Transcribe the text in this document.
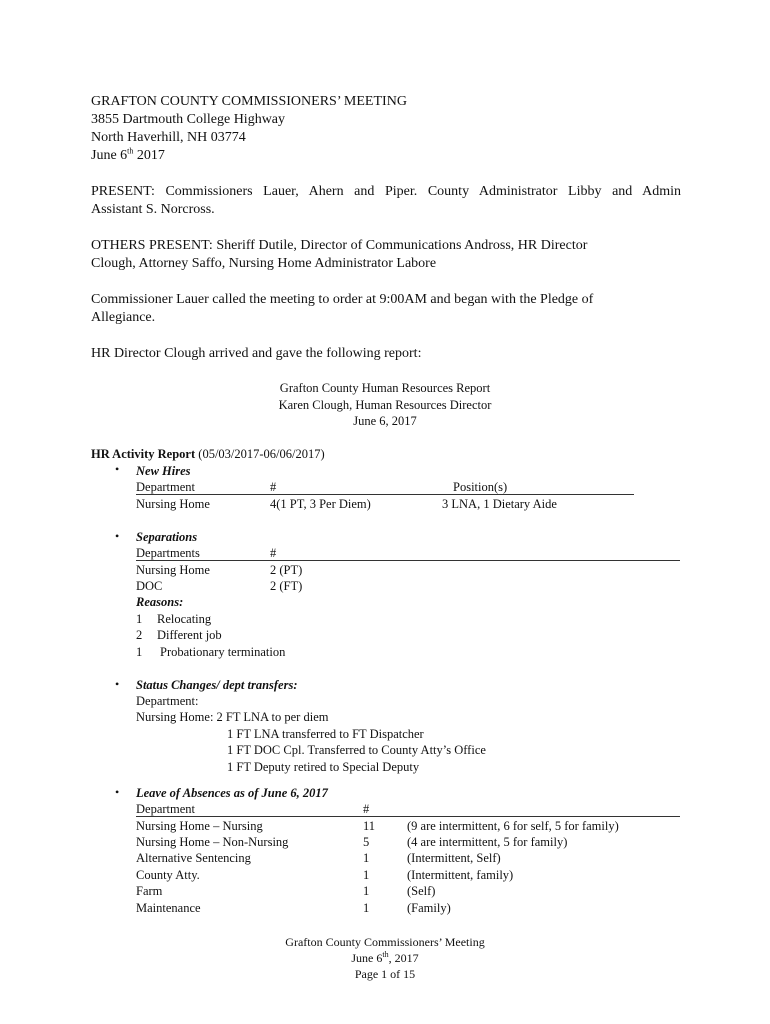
GRAFTON COUNTY COMMISSIONERS’ MEETING
3855 Dartmouth College Highway
North Haverhill, NH 03774
June 6th 2017
PRESENT: Commissioners Lauer, Ahern and Piper. County Administrator Libby and Admin
Assistant S. Norcross.
OTHERS PRESENT: Sheriff Dutile, Director of Communications Andross, HR Director
Clough, Attorney Saffo, Nursing Home Administrator Labore
Commissioner Lauer called the meeting to order at 9:00AM and began with the Pledge of
Allegiance.
HR Director Clough arrived and gave the following report:
Grafton County Human Resources Report
Karen Clough, Human Resources Director
June 6, 2017
HR Activity Report (05/03/2017-06/06/2017)
• New Hires
Department	#	Position(s)
Nursing Home	4(1 PT, 3 Per Diem)	3 LNA, 1 Dietary Aide
• Separations
Departments	#
Nursing Home	2 (PT)
DOC	2 (FT)
Reasons:
1 Relocating
2 Different job
1 Probationary termination
• Status Changes/ dept transfers:
Department:
Nursing Home: 2 FT LNA to per diem
1 FT LNA transferred to FT Dispatcher
1 FT DOC Cpl. Transferred to County Atty’s Office
1 FT Deputy retired to Special Deputy
• Leave of Absences as of June 6, 2017
Department	#
Nursing Home – Nursing	11	(9 are intermittent, 6 for self, 5 for family)
Nursing Home – Non-Nursing	5	(4 are intermittent, 5 for family)
Alternative Sentencing	1	(Intermittent, Self)
County Atty.	1	(Intermittent, family)
Farm	1	(Self)
Maintenance	1	(Family)
Grafton County Commissioners’ Meeting
June 6th, 2017
Page 1 of 15
